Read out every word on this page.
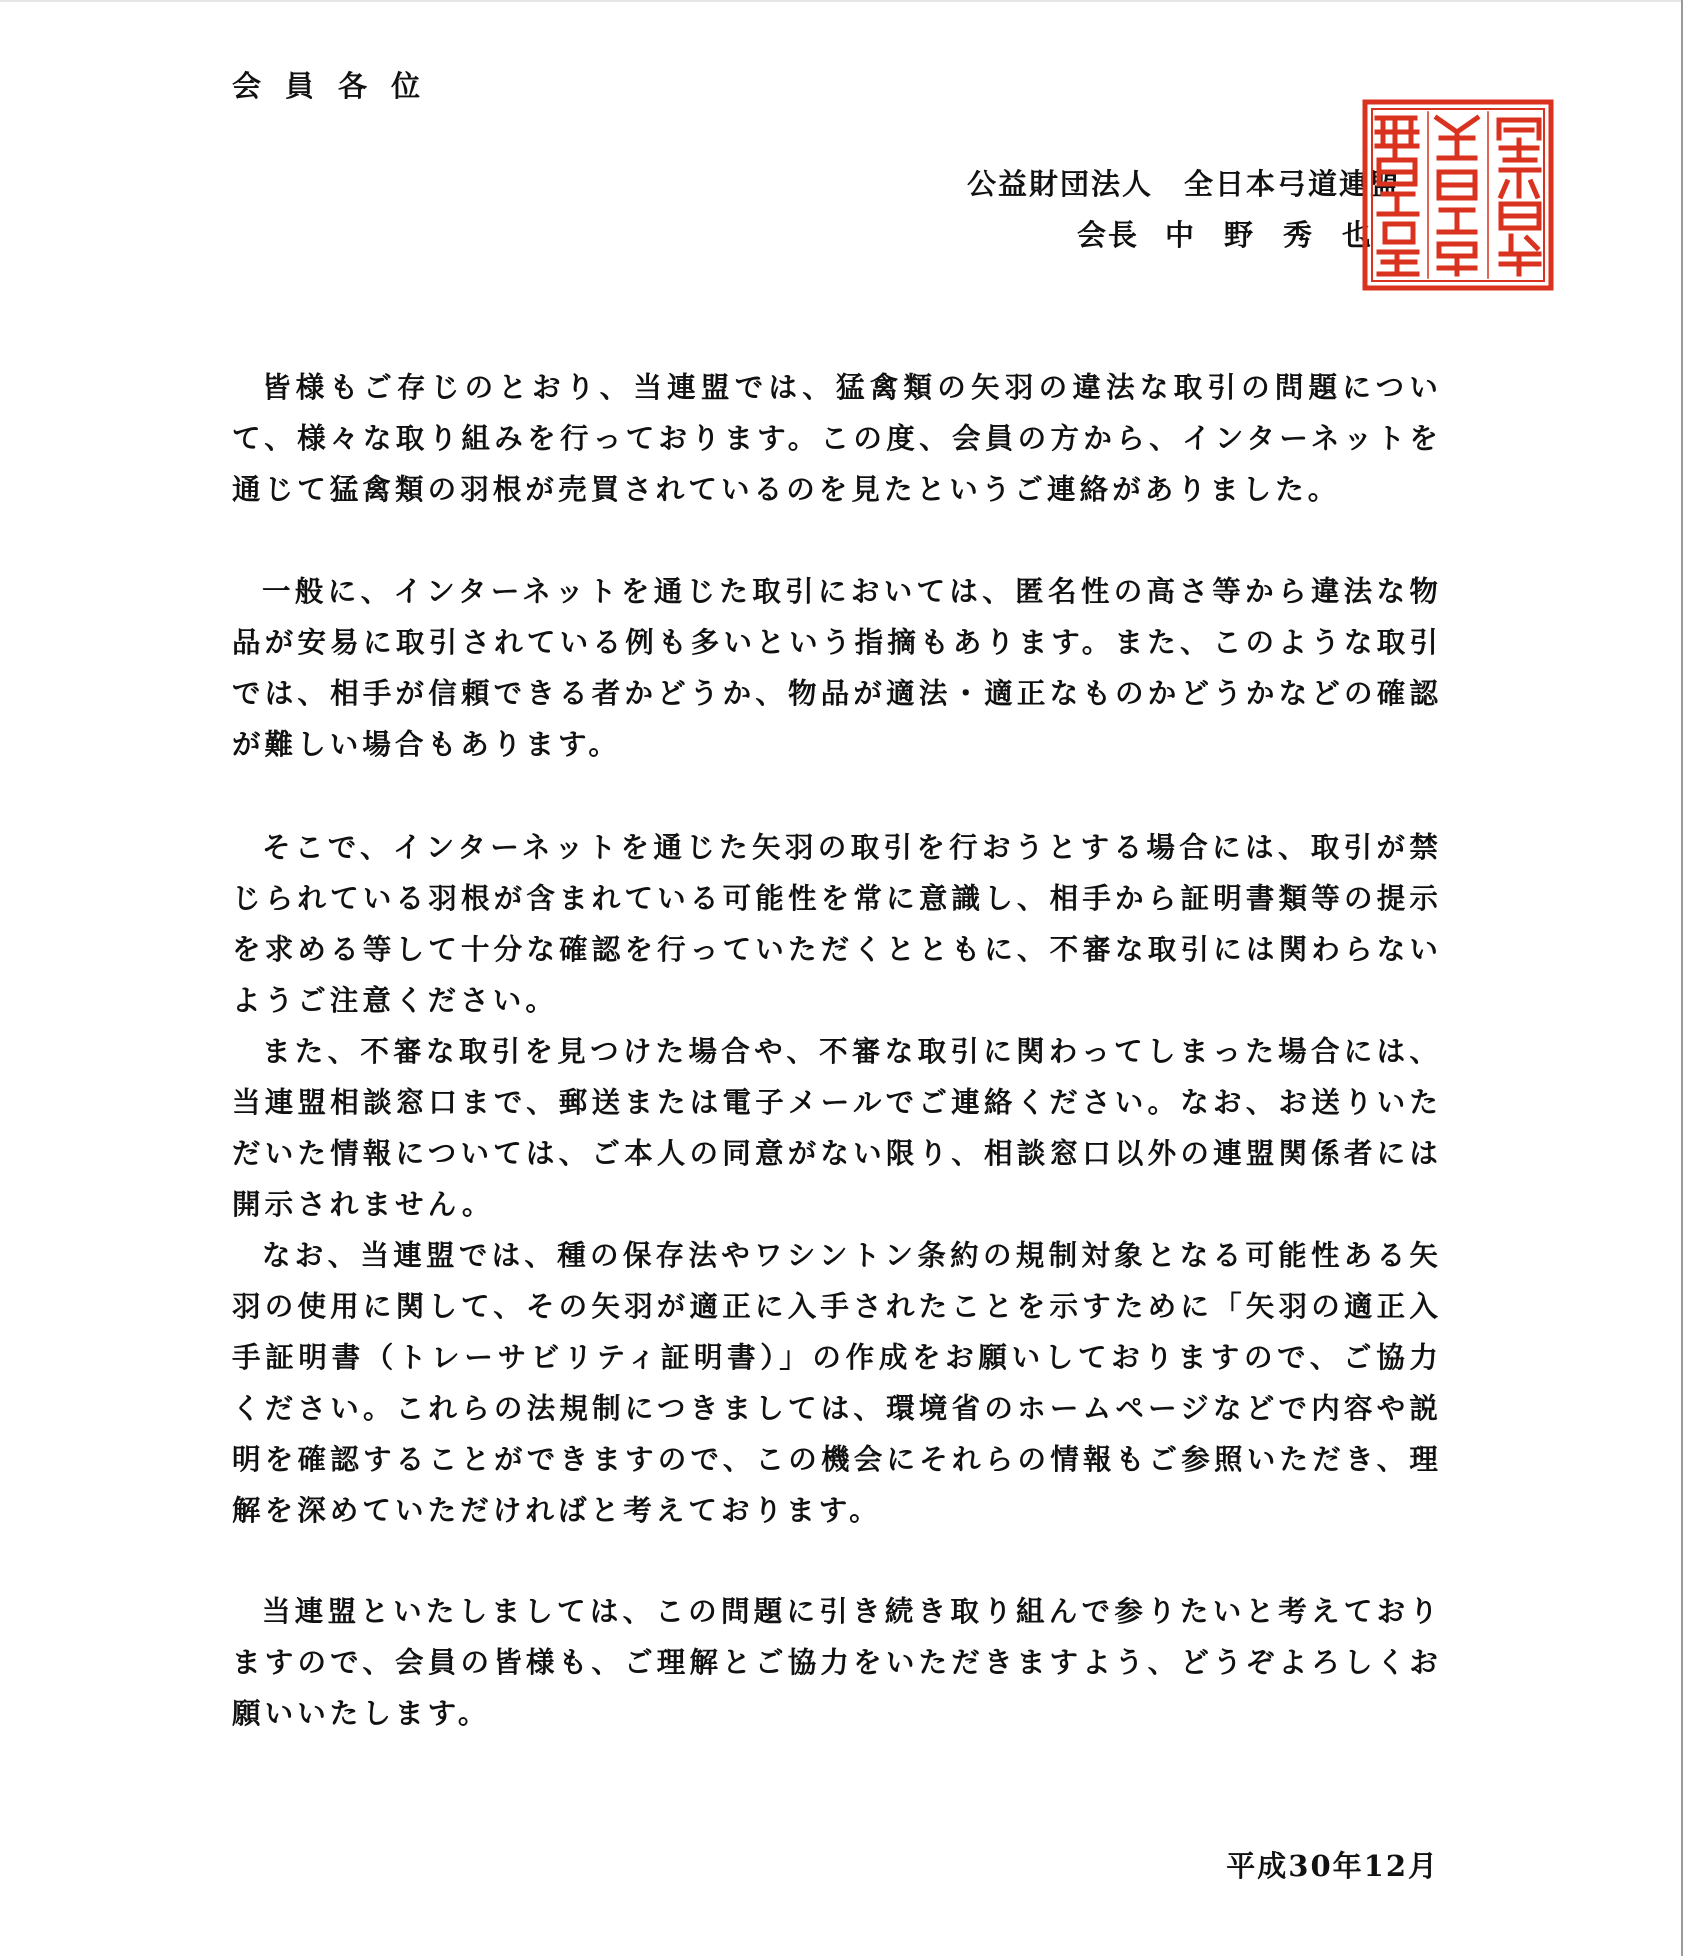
会員各位
公益財団法人　全日本弓道連盟
会長 中野秀也
皆様もご存じのとおり、当連盟では、猛禽類の矢羽の違法な取引の問題について、様々な取り組みを行っております。この度、会員の方から、インターネットを通じて猛禽類の羽根が売買されているのを見たというご連絡がありました。
一般に、インターネットを通じた取引においては、匿名性の高さ等から違法な物品が安易に取引されている例も多いという指摘もあります。また、このような取引では、相手が信頼できる者かどうか、物品が適法・適正なものかどうかなどの確認が難しい場合もあります。
そこで、インターネットを通じた矢羽の取引を行おうとする場合には、取引が禁じられている羽根が含まれている可能性を常に意識し、相手から証明書類等の提示を求める等して十分な確認を行っていただくとともに、不審な取引には関わらないようご注意ください。
また、不審な取引を見つけた場合や、不審な取引に関わってしまった場合には、当連盟相談窓口まで、郵送または電子メールでご連絡ください。なお、お送りいただいた情報については、ご本人の同意がない限り、相談窓口以外の連盟関係者には開示されません。
なお、当連盟では、種の保存法やワシントン条約の規制対象となる可能性ある矢羽の使用に関して、その矢羽が適正に入手されたことを示すために「矢羽の適正入手証明書（トレーサビリティ証明書）」の作成をお願いしておりますので、ご協力ください。これらの法規制につきましては、環境省のホームページなどで内容や説明を確認することができますので、この機会にそれらの情報もご参照いただき、理解を深めていただければと考えております。
当連盟といたしましては、この問題に引き続き取り組んで参りたいと考えておりますので、会員の皆様も、ご理解とご協力をいただきますよう、どうぞよろしくお願いいたします。
平成30年12月
